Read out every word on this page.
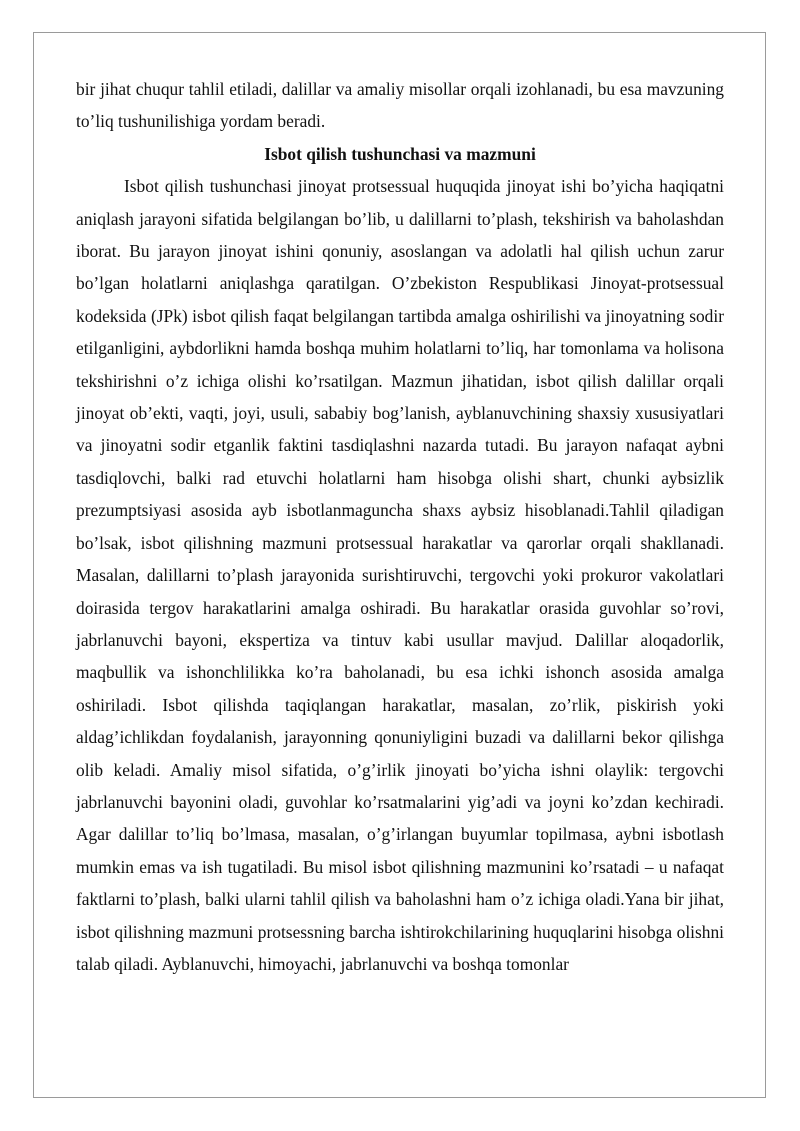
bir jihat chuqur tahlil etiladi, dalillar va amaliy misollar orqali izohlanadi, bu esa mavzuning to’liq tushunilishiga yordam beradi.

Isbot qilish tushunchasi va mazmuni

Isbot qilish tushunchasi jinoyat protsessual huquqida jinoyat ishi bo’yicha haqiqatni aniqlash jarayoni sifatida belgilangan bo’lib, u dalillarni to’plash, tekshirish va baholashdan iborat. Bu jarayon jinoyat ishini qonuniy, asoslangan va adolatli hal qilish uchun zarur bo’lgan holatlarni aniqlashga qaratilgan. O’zbekiston Respublikasi Jinoyat-protsessual kodeksida (JPk) isbot qilish faqat belgilangan tartibda amalga oshirilishi va jinoyatning sodir etilganligini, aybdorlikni hamda boshqa muhim holatlarni to’liq, har tomonlama va holisona tekshirishni o’z ichiga olishi ko’rsatilgan. Mazmun jihatidan, isbot qilish dalillar orqali jinoyat ob’ekti, vaqti, joyi, usuli, sababiy bog’lanish, ayblanuvchining shaxsiy xususiyatlari va jinoyatni sodir etganlik faktini tasdiqlashni nazarda tutadi. Bu jarayon nafaqat aybni tasdiqlovchi, balki rad etuvchi holatlarni ham hisobga olishi shart, chunki aybsizlik prezumptsiyasi asosida ayb isbotlanmaguncha shaxs aybsiz hisoblanadi.Tahlil qiladigan bo’lsak, isbot qilishning mazmuni protsessual harakatlar va qarorlar orqali shakllanadi. Masalan, dalillarni to’plash jarayonida surishtiruvchi, tergovchi yoki prokuror vakolatlari doirasida tergov harakatlarini amalga oshiradi. Bu harakatlar orasida guvohlar so’rovi, jabrlanuvchi bayoni, ekspertiza va tintuv kabi usullar mavjud. Dalillar aloqadorlik, maqbullik va ishonchlilikka ko’ra baholanadi, bu esa ichki ishonch asosida amalga oshiriladi. Isbot qilishda taqiqlangan harakatlar, masalan, zo’rlik, piskirish yoki aldag’ichlikdan foydalanish, jarayonning qonuniyligini buzadi va dalillarni bekor qilishga olib keladi. Amaliy misol sifatida, o’g’irlik jinoyati bo’yicha ishni olaylik: tergovchi jabrlanuvchi bayonini oladi, guvohlar ko’rsatmalarini yig’adi va joyni ko’zdan kechiradi. Agar dalillar to’liq bo’lmasa, masalan, o’g’irlangan buyumlar topilmasa, aybni isbotlash mumkin emas va ish tugatiladi. Bu misol isbot qilishning mazmunini ko’rsatadi – u nafaqat faktlarni to’plash, balki ularni tahlil qilish va baholashni ham o’z ichiga oladi.Yana bir jihat, isbot qilishning mazmuni protsessning barcha ishtirokchilarining huquqlarini hisobga olishni talab qiladi. Ayblanuvchi, himoyachi, jabrlanuvchi va boshqa tomonlar
